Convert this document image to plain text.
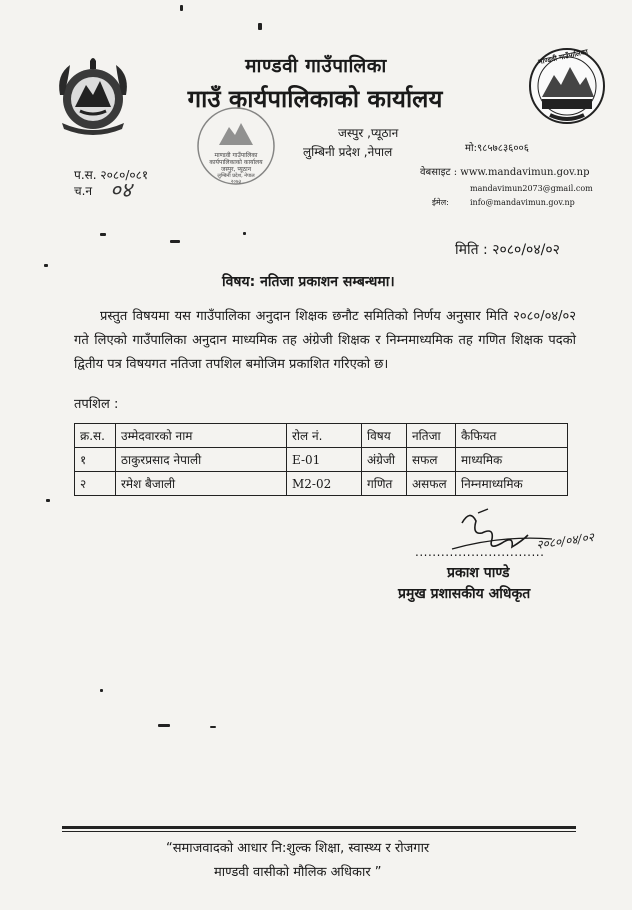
माण्डवी गाउँपालिका
माण्डवी गाउँपालिका
गाउँ कार्यपालिकाको कार्यालय
जस्पुर ,प्यूठान
लुम्बिनी प्रदेश ,नेपाल	मो:९८५७८३६००६
वेबसाइट : www.mandavimun.gov.np
mandavimun2073@gmail.com
ईमेल:	info@mandavimun.gov.np
प.स. २०८०/०८१
च.न ०४
माण्डवी गाउँपालिका
कार्यपालिकाको कार्यालय
जस्पुर, प्यूठान
लुम्बिनी प्रदेश, नेपाल
२०७३
मिति : २०८०/०४/०२
विषय: नतिजा प्रकाशन सम्बन्धमा।
प्रस्तुत विषयमा यस गाउँपालिका अनुदान शिक्षक छनौट समितिको निर्णय अनुसार मिति २०८०/०४/०२ गते लिएको गाउँपालिका अनुदान माध्यमिक तह अंग्रेजी शिक्षक र निम्नमाध्यमिक तह गणित शिक्षक पदको द्वितीय पत्र विषयगत नतिजा तपशिल बमोजिम प्रकाशित गरिएको छ।
तपशिल :
क्र.स.	उम्मेदवारको नाम	रोल नं.	विषय	नतिजा	कैफियत
१	ठाकुरप्रसाद नेपाली	E-01	अंग्रेजी	सफल	माध्यमिक
२	रमेश बैजाली	M2-02	गणित	असफल	निम्नमाध्यमिक
२०८०/०४/०२
..............................
प्रकाश पाण्डे
प्रमुख प्रशासकीय अधिकृत
“समाजवादको आधार नि:शुल्क शिक्षा, स्वास्थ्य र रोजगार
माण्डवी वासीको मौलिक अधिकार ”
